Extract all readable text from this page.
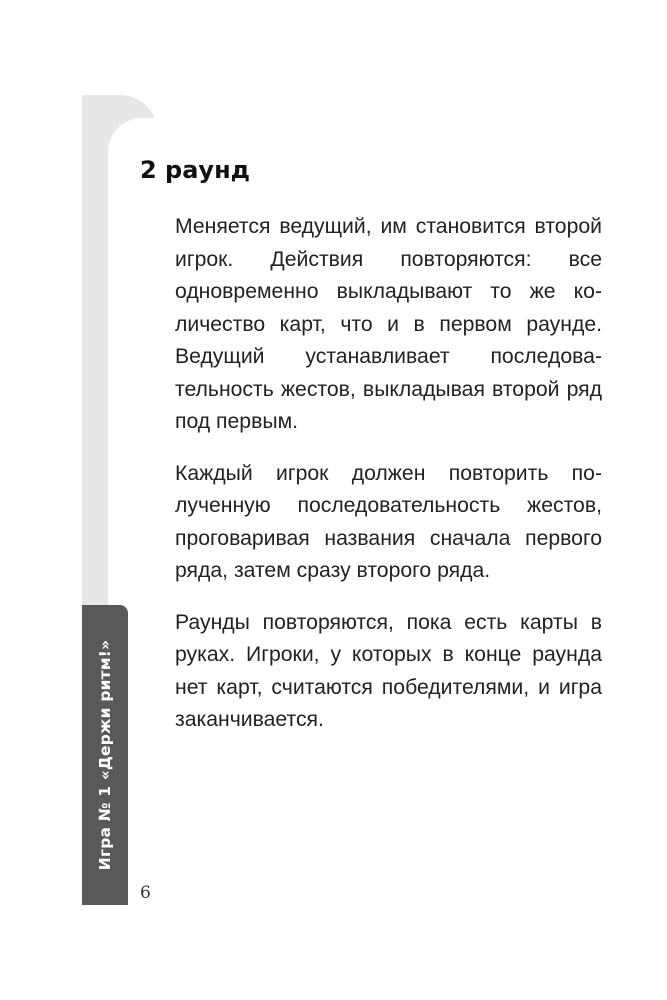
Игра № 1 «Держи ритм!»
2 раунд

Меняется ведущий, им становится второй игрок. Действия повторяются: все одновременно выкладывают то же количество карт, что и в первом раунде. Ведущий устанавливает последовательность жестов, выкладывая второй ряд под первым.

Каждый игрок должен повторить полученную последовательность жестов, проговаривая названия сначала первого ряда, затем сразу второго ряда.

Раунды повторяются, пока есть карты в руках. Игроки, у которых в конце раунда нет карт, считаются победителями, и игра заканчивается.

6
